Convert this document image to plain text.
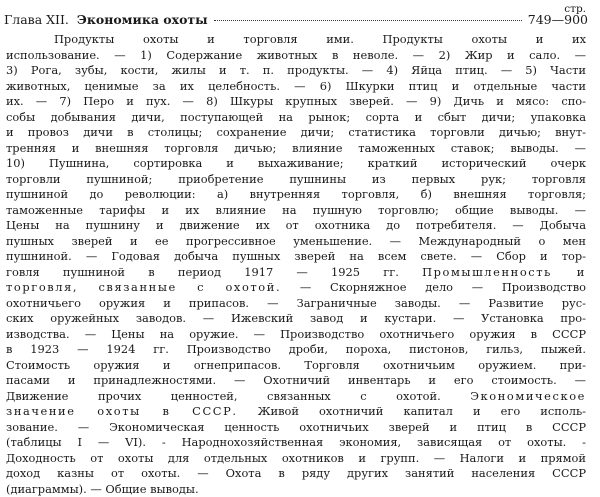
стр.
Глава XII. Экономика охоты	749—900
Продукты охоты и торговля ими. Продукты охоты и их
использование. — 1) Содержание животных в неволе. — 2) Жир и сало. —
3) Рога, зубы, кости, жилы и т. п. продукты. — 4) Яйца птиц. — 5) Части
животных, ценимые за их целебность. — 6) Шкурки птиц и отдельные части
их. — 7) Перо и пух. — 8) Шкуры крупных зверей. — 9) Дичь и мясо: спо-
собы добывания дичи, поступающей на рынок; сорта и сбыт дичи; упаковка
и провоз дичи в столицы; сохранение дичи; статистика торговли дичью; внут-
тренняя и внешняя торговля дичью; влияние таможенных ставок; выводы. —
10) Пушнина, сортировка и выхаживание; краткий исторический очерк
торговли пушниной; приобретение пушнины из первых рук; торговля
пушниной до революции: а) внутренняя торговля, б) внешняя торговля;
таможенные тарифы и их влияние на пушную торговлю; общие выводы. —
Цены на пушнину и движение их от охотника до потребителя. — Добыча
пушных зверей и ее прогрессивное уменьшение. — Международный о мен
пушниной. — Годовая добыча пушных зверей на всем свете. — Сбор и тор-
говля пушниной в период 1917 — 1925 гг. Промышленность и
торговля, связанные с охотой. — Скорняжное дело — Производство
охотничьего оружия и припасов. — Заграничные заводы. — Развитие рус-
ских оружейных заводов. — Ижевский завод и кустари. — Установка про-
изводства. — Цены на оружие. — Производство охотничьего оружия в СССР
в 1923 — 1924 гг. Производство дроби, пороха, пистонов, гильз, пыжей.
Стоимость оружия и огнеприпасов. Торговля охотничьим оружием. при-
пасами и принадлежностями. — Охотничий инвентарь и его стоимость. —
Движение прочих ценностей, связанных с охотой. Экономическое
значение охоты в СССР. Живой охотничий капитал и его исполь-
зование. — Экономическая ценность охотничьих зверей и птиц в СССР
(таблицы I — VI). - Народнохозяйственная экономия, зависящая от охоты. -
Доходность от охоты для отдельных охотников и групп. — Налоги и прямой
доход казны от охоты. — Охота в ряду других занятий населения СССР
(диаграммы). — Общие выводы.
